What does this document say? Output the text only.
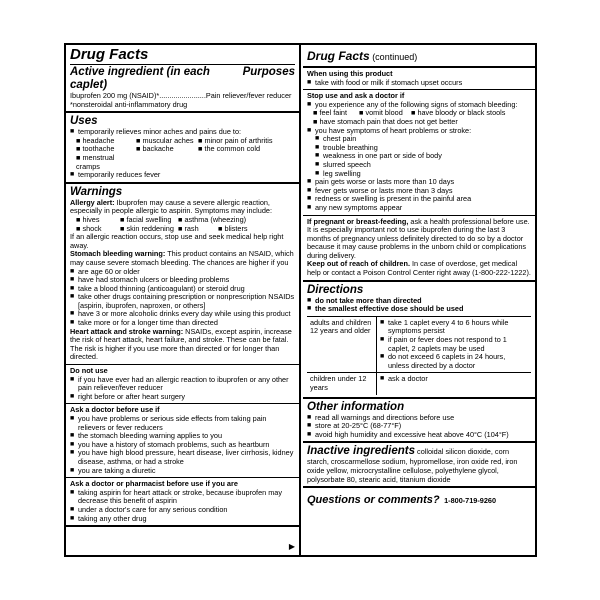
Drug Facts
Active ingredient (in each caplet)
Purposes
Ibuprofen 200 mg (NSAID)*.......................Pain reliever/fever reducer
*nonsteroidal anti-inflammatory drug
Uses
■ temporarily relieves minor aches and pains due to:
■ headache	■ muscular aches ■ minor pain of arthritis
■ toothache	■ backache	■ the common cold
■ menstrual cramps
■ temporarily reduces fever
Warnings
Allergy alert: Ibuprofen may cause a severe allergic reaction, especially in people allergic to aspirin. Symptoms may include:
■ hives	■ facial swelling ■ asthma (wheezing)
■ shock	■ skin reddening ■ rash	■ blisters
If an allergic reaction occurs, stop use and seek medical help right away.
Stomach bleeding warning: This product contains an NSAID, which may cause severe stomach bleeding. The chances are higher if you
■ are age 60 or older
■ have had stomach ulcers or bleeding problems
■ take a blood thinning (anticoagulant) or steroid drug
■ take other drugs containing prescription or nonprescription NSAIDs [aspirin, ibuprofen, naproxen, or others]
■ have 3 or more alcoholic drinks every day while using this product
■ take more or for a longer time than directed
Heart attack and stroke warning: NSAIDs, except aspirin, increase the risk of heart attack, heart failure, and stroke. These can be fatal. The risk is higher if you use more than directed or for longer than directed.
Do not use
■ if you have ever had an allergic reaction to ibuprofen or any other pain reliever/fever reducer
■ right before or after heart surgery
Ask a doctor before use if
■ you have problems or serious side effects from taking pain relievers or fever reducers
■ the stomach bleeding warning applies to you
■ you have a history of stomach problems, such as heartburn
■ you have high blood pressure, heart disease, liver cirrhosis, kidney disease, asthma, or had a stroke
■ you are taking a diuretic
Ask a doctor or pharmacist before use if you are
■ taking aspirin for heart attack or stroke, because ibuprofen may decrease this benefit of aspirin
■ under a doctor's care for any serious condition
■ taking any other drug
▶
Drug Facts (continued)
When using this product
■ take with food or milk if stomach upset occurs
Stop use and ask a doctor if
■ you experience any of the following signs of stomach bleeding:
■ feel faint	■ vomit blood	■ have bloody or black stools
■ have stomach pain that does not get better
■ you have symptoms of heart problems or stroke:
■ chest pain
■ trouble breathing
■ weakness in one part or side of body
■ slurred speech
■ leg swelling
■ pain gets worse or lasts more than 10 days
■ fever gets worse or lasts more than 3 days
■ redness or swelling is present in the painful area
■ any new symptoms appear
If pregnant or breast-feeding, ask a health professional before use. It is especially important not to use ibuprofen during the last 3 months of pregnancy unless definitely directed to do so by a doctor because it may cause problems in the unborn child or complications during delivery.
Keep out of reach of children. In case of overdose, get medical help or contact a Poison Control Center right away (1-800-222-1222).
Directions
■ do not take more than directed
■ the smallest effective dose should be used
adults and children 12 years and older
■ take 1 caplet every 4 to 6 hours while symptoms persist
■ if pain or fever does not respond to 1 caplet, 2 caplets may be used
■ do not exceed 6 caplets in 24 hours, unless directed by a doctor
children under 12 years
■ ask a doctor
Other information
■ read all warnings and directions before use
■ store at 20-25°C (68-77°F)
■ avoid high humidity and excessive heat above 40°C (104°F)
Inactive ingredients colloidal silicon dioxide, corn starch, croscarmellose sodium, hypromellose, iron oxide red, iron oxide yellow, microcrystalline cellulose, polyethylene glycol, polysorbate 80, stearic acid, titanium dioxide
Questions or comments? 1-800-719-9260
